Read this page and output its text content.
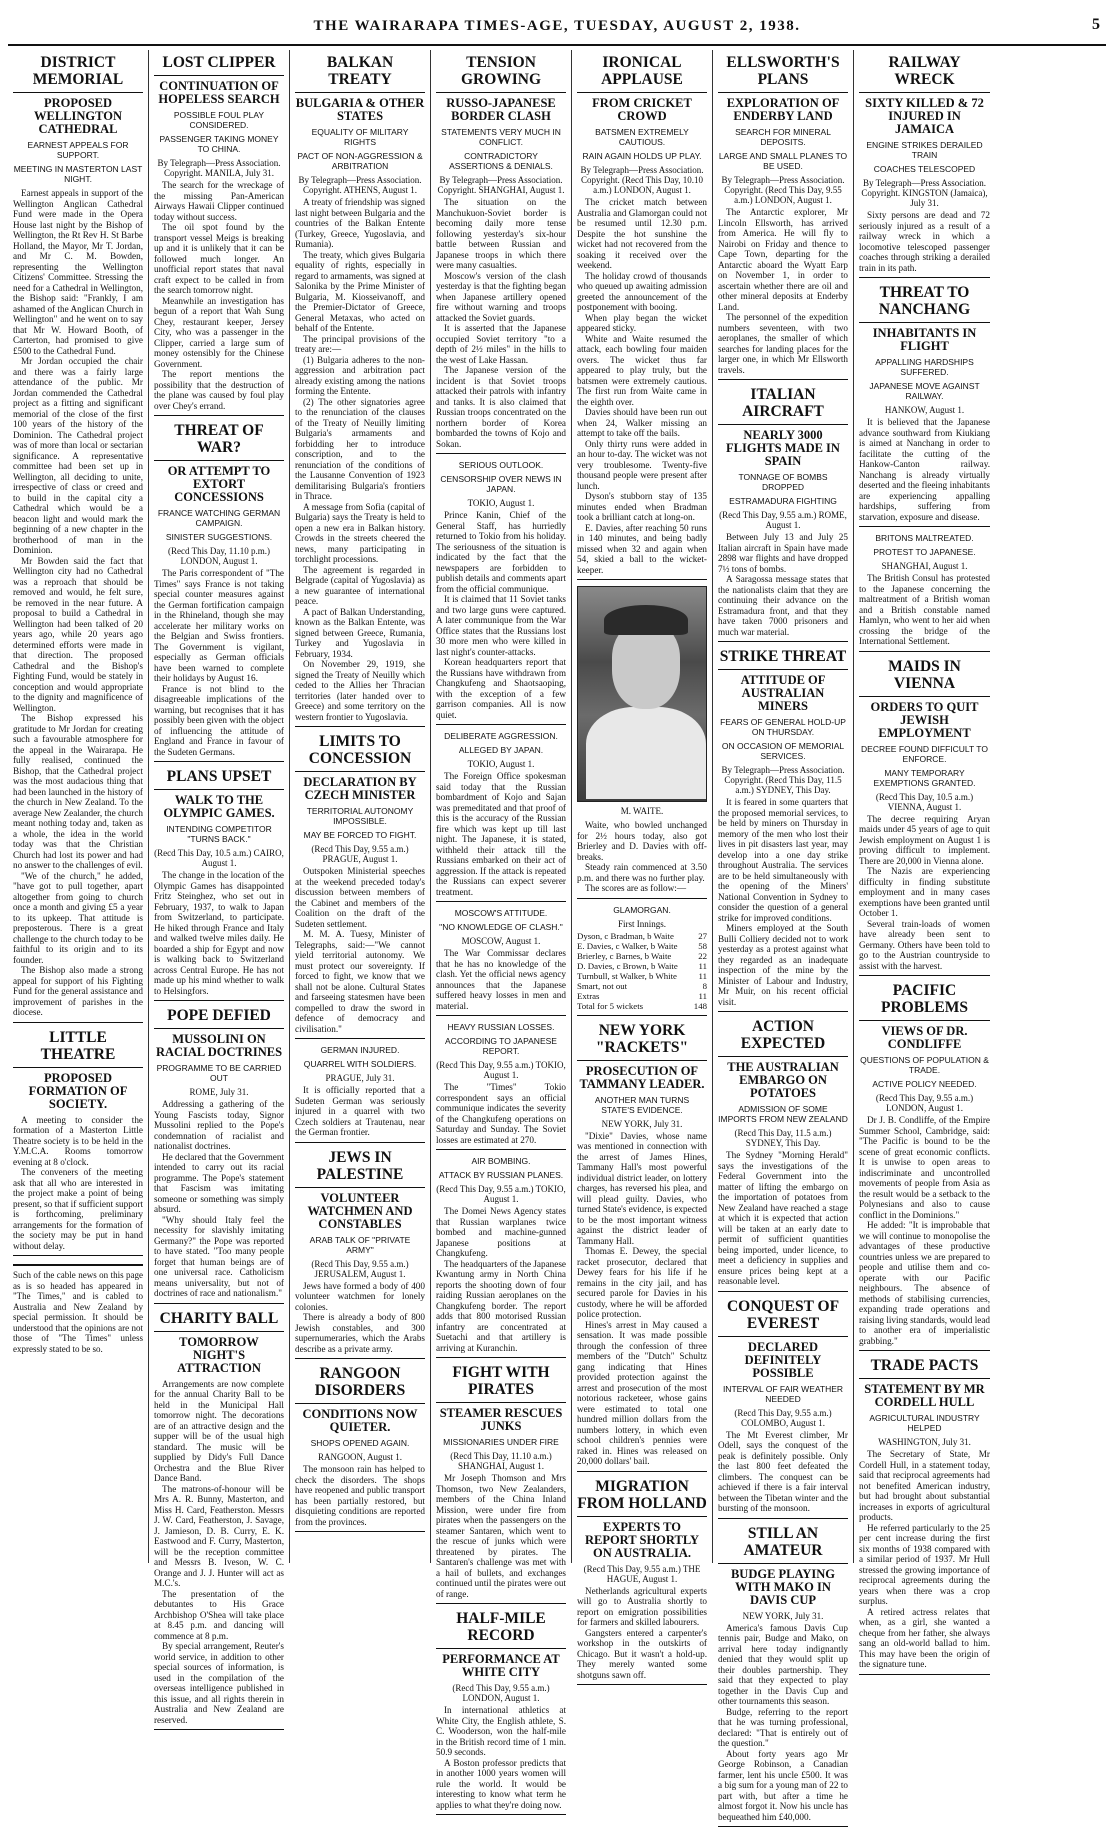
THE WAIRARAPA TIMES-AGE, TUESDAY, AUGUST 2, 1938.	5
DISTRICT MEMORIAL
PROPOSED WELLINGTON CATHEDRAL
EARNEST APPEALS FOR SUPPORT.
MEETING IN MASTERTON LAST NIGHT.

Earnest appeals in support of the Wellington Anglican Cathedral Fund were made in the Opera House last night by the Bishop of Wellington, the Rt Rev H. St Barbe Holland, the Mayor, Mr T. Jordan, and Mr C. M. Bowden, representing the Wellington Citizens' Committee. Stressing the need for a Cathedral in Wellington, the Bishop said: "Frankly, I am ashamed of the Anglican Church in Wellington" and he went on to say that Mr W. Howard Booth, of Carterton, had promised to give £500 to the Cathedral Fund.

Mr Jordan occupied the chair and there was a fairly large attendance of the public. Mr Jordan commended the Cathedral project as a fitting and significant memorial of the close of the first 100 years of the history of the Dominion. The Cathedral project was of more than local or sectarian significance. A representative committee had been set up in Wellington, all deciding to unite, irrespective of class or creed and to build in the capital city a Cathedral which would be a beacon light and would mark the beginning of a new chapter in the brotherhood of man in the Dominion.

Mr Bowden said the fact that Wellington city had no Cathedral was a reproach that should be removed and would, he felt sure, be removed in the near future. A proposal to build a Cathedral in Wellington had been talked of 20 years ago, while 20 years ago determined efforts were made in that direction. The proposed Cathedral and the Bishop's Fighting Fund, would be stately in conception and would appropriate to the dignity and magnificence of Wellington.

The Bishop expressed his gratitude to Mr Jordan for creating such a favourable atmosphere for the appeal in the Wairarapa. He fully realised, continued the Bishop, that the Cathedral project was the most audacious thing that had been launched in the history of the church in New Zealand. To the average New Zealander, the church meant nothing today and, taken as a whole, the idea in the world today was that the Christian Church had lost its power and had no answer to the challenges of evil.

"We of the church," he added, "have got to pull together, apart altogether from going to church once a month and giving £5 a year to its upkeep. That attitude is preposterous. There is a great challenge to the church today to be faithful to its origin and to its founder.

The Bishop also made a strong appeal for support of his Fighting Fund for the general assistance and improvement of parishes in the diocese.

LITTLE THEATRE
PROPOSED FORMATION OF SOCIETY.

A meeting to consider the formation of a Masterton Little Theatre society is to be held in the Y.M.C.A. Rooms tomorrow evening at 8 o'clock.

The conveners of the meeting ask that all who are interested in the project make a point of being present, so that if sufficient support is forthcoming, preliminary arrangements for the formation of the society may be put in hand without delay.

Such of the cable news on this page as is so headed has appeared in "The Times," and is cabled to Australia and New Zealand by special permission. It should be understood that the opinions are not those of "The Times" unless expressly stated to be so.
LOST CLIPPER
CONTINUATION OF HOPELESS SEARCH
POSSIBLE FOUL PLAY CONSIDERED.
PASSENGER TAKING MONEY TO CHINA.
By Telegraph—Press Association. Copyright. MANILA, July 31.

The search for the wreckage of the missing Pan-American Airways Hawaii Clipper continued today without success.

The oil spot found by the transport vessel Meigs is breaking up and it is unlikely that it can be followed much longer. An unofficial report states that naval craft expect to be called in from the search tomorrow night.

Meanwhile an investigation has begun of a report that Wah Sung Chey, restaurant keeper, Jersey City, who was a passenger in the Clipper, carried a large sum of money ostensibly for the Chinese Government.

The report mentions the possibility that the destruction of the plane was caused by foul play over Chey's errand.

THREAT OF WAR?
OR ATTEMPT TO EXTORT CONCESSIONS
FRANCE WATCHING GERMAN CAMPAIGN.
SINISTER SUGGESTIONS.
(Recd This Day, 11.10 p.m.) LONDON, August 1.

The Paris correspondent of "The Times" says France is not taking special counter measures against the German fortification campaign in the Rhineland, though she may accelerate her military works on the Belgian and Swiss frontiers. The Government is vigilant, especially as German officials have been warned to complete their holidays by August 16.

France is not blind to the disagreeable implications of the warning, but recognises that it has possibly been given with the object of influencing the attitude of England and France in favour of the Sudeten Germans.

PLANS UPSET
WALK TO THE OLYMPIC GAMES.
INTENDING COMPETITOR "TURNS BACK."
(Recd This Day, 10.5 a.m.) CAIRO, August 1.

The change in the location of the Olympic Games has disappointed Fritz Steinghez, who set out in February, 1937, to walk to Japan from Switzerland, to participate. He hiked through France and Italy and walked twelve miles daily. He boarded a ship for Egypt and now is walking back to Switzerland across Central Europe. He has not made up his mind whether to walk to Helsingfors.

POPE DEFIED
MUSSOLINI ON RACIAL DOCTRINES
PROGRAMME TO BE CARRIED OUT
ROME, July 31.

Addressing a gathering of the Young Fascists today, Signor Mussolini replied to the Pope's condemnation of racialist and nationalist doctrines.

He declared that the Government intended to carry out its racial programme. The Pope's statement that Fascism was imitating someone or something was simply absurd.

"Why should Italy feel the necessity for slavishly imitating Germany?" the Pope was reported to have stated. "Too many people forget that human beings are of one universal race. Catholicism means universality, but not of doctrines of race and nationalism."

CHARITY BALL
TOMORROW NIGHT'S ATTRACTION

Arrangements are now complete for the annual Charity Ball to be held in the Municipal Hall tomorrow night. The decorations are of an attractive design and the supper will be of the usual high standard. The music will be supplied by Didy's Full Dance Orchestra and the Blue River Dance Band.

The matrons-of-honour will be Mrs A. R. Bunny, Masterton, and Miss H. Card, Featherston. Messrs J. W. Card, Featherston, J. Savage, J. Jamieson, D. B. Curry, E. K. Eastwood and F. Curry, Masterton, will be the reception committee and Messrs B. Iveson, W. C. Orange and J. J. Hunter will act as M.C.'s.

The presentation of the debutantes to His Grace Archbishop O'Shea will take place at 8.45 p.m. and dancing will commence at 8 p.m.

By special arrangement, Reuter's world service, in addition to other special sources of information, is used in the compilation of the overseas intelligence published in this issue, and all rights therein in Australia and New Zealand are reserved.

BALKAN TREATY
BULGARIA & OTHER STATES
EQUALITY OF MILITARY RIGHTS
PACT OF NON-AGGRESSION & ARBITRATION
By Telegraph—Press Association. Copyright. ATHENS, August 1.

A treaty of friendship was signed last night between Bulgaria and the countries of the Balkan Entente (Turkey, Greece, Yugoslavia, and Rumania).

The treaty, which gives Bulgaria equality of rights, especially in regard to armaments, was signed at Salonika by the Prime Minister of Bulgaria, M. Kiosseivanoff, and the Premier-Dictator of Greece, General Metaxas, who acted on behalf of the Entente.

The principal provisions of the treaty are:—

(1) Bulgaria adheres to the non-aggression and arbitration pact already existing among the nations forming the Entente.

(2) The other signatories agree to the renunciation of the clauses of the Treaty of Neuilly limiting Bulgaria's armaments and forbidding her to introduce conscription, and to the renunciation of the conditions of the Lausanne Convention of 1923 demilitarising Bulgaria's frontiers in Thrace.

A message from Sofia (capital of Bulgaria) says the Treaty is held to open a new era in Balkan history. Crowds in the streets cheered the news, many participating in torchlight processions.

The agreement is regarded in Belgrade (capital of Yugoslavia) as a new guarantee of international peace.

A pact of Balkan Understanding, known as the Balkan Entente, was signed between Greece, Rumania, Turkey and Yugoslavia in February, 1934.

On November 29, 1919, she signed the Treaty of Neuilly which ceded to the Allies her Thracian territories (later handed over to Greece) and some territory on the western frontier to Yugoslavia.

LIMITS TO CONCESSION
DECLARATION BY CZECH MINISTER
TERRITORIAL AUTONOMY IMPOSSIBLE.
MAY BE FORCED TO FIGHT.
(Recd This Day, 9.55 a.m.) PRAGUE, August 1.

Outspoken Ministerial speeches at the weekend preceded today's discussion between members of the Cabinet and members of the Coalition on the draft of the Sudeten settlement.

M. M. A. Tuesy, Minister of Telegraphs, said:—"We cannot yield territorial autonomy. We must protect our sovereignty. If forced to fight, we know that we shall not be alone. Cultural States and farseeing statesmen have been compelled to draw the sword in defence of democracy and civilisation."

GERMAN INJURED.
QUARREL WITH SOLDIERS.
PRAGUE, July 31.

It is officially reported that a Sudeten German was seriously injured in a quarrel with two Czech soldiers at Trautenau, near the German frontier.

JEWS IN PALESTINE
VOLUNTEER WATCHMEN AND CONSTABLES
ARAB TALK OF "PRIVATE ARMY"
(Recd This Day, 9.55 a.m.) JERUSALEM, August 1.

Jews have formed a body of 400 volunteer watchmen for lonely colonies.

There is already a body of 800 Jewish constables, and 300 supernumeraries, which the Arabs describe as a private army.

RANGOON DISORDERS
CONDITIONS NOW QUIETER.
SHOPS OPENED AGAIN.
RANGOON, August 1.

The monsoon rain has helped to check the disorders. The shops have reopened and public transport has been partially restored, but disquieting conditions are reported from the provinces.

TENSION GROWING
RUSSO-JAPANESE BORDER CLASH
STATEMENTS VERY MUCH IN CONFLICT.
CONTRADICTORY ASSERTIONS & DENIALS.
By Telegraph—Press Association. Copyright. SHANGHAI, August 1.

The situation on the Manchukuon-Soviet border is becoming daily more tense following yesterday's six-hour battle between Russian and Japanese troops in which there were many casualties.

Moscow's version of the clash yesterday is that the fighting began when Japanese artillery opened fire without warning and troops attacked the Soviet guards.

It is asserted that the Japanese occupied Soviet territory "to a depth of 2½ miles" in the hills to the west of Lake Hassan.

The Japanese version of the incident is that Soviet troops attacked their patrols with infantry and tanks. It is also claimed that Russian troops concentrated on the northern border of Korea bombarded the towns of Kojo and Sokan.

SERIOUS OUTLOOK.
CENSORSHIP OVER NEWS IN JAPAN.
TOKIO, August 1.

Prince Kanin, Chief of the General Staff, has hurriedly returned to Tokio from his holiday. The seriousness of the situation is indicated by the fact that the newspapers are forbidden to publish details and comments apart from the official communique.

It is claimed that 11 Soviet tanks and two large guns were captured. A later communique from the War Office states that the Russians lost 30 more men who were killed in last night's counter-attacks.

Korean headquarters report that the Russians have withdrawn from Changkufeng and Shaotsaoping, with the exception of a few garrison companies. All is now quiet.

DELIBERATE AGGRESSION.
ALLEGED BY JAPAN.
TOKIO, August 1.

The Foreign Office spokesman said today that the Russian bombardment of Kojo and Sajan was premeditated and that proof of this is the accuracy of the Russian fire which was kept up till last night. The Japanese, it is stated, withheld their attack till the Russians embarked on their act of aggression. If the attack is repeated the Russians can expect severer treatment.

MOSCOW'S ATTITUDE.
"NO KNOWLEDGE OF CLASH."
MOSCOW, August 1.

The War Commissar declares that he has no knowledge of the clash. Yet the official news agency announces that the Japanese suffered heavy losses in men and material.

HEAVY RUSSIAN LOSSES.
ACCORDING TO JAPANESE REPORT.
(Recd This Day, 9.55 a.m.) TOKIO, August 1.

The "Times" Tokio correspondent says an official communique indicates the severity of the Changkufeng operations on Saturday and Sunday. The Soviet losses are estimated at 270.

AIR BOMBING.
ATTACK BY RUSSIAN PLANES.
(Recd This Day, 9.55 a.m.) TOKIO, August 1.

The Domei News Agency states that Russian warplanes twice bombed and machine-gunned Japanese positions at Changkufeng.

The headquarters of the Japanese Kwantung army in North China reports the shooting down of four raiding Russian aeroplanes on the Changkufeng border. The report adds that 800 motorised Russian infantry are concentrated at Suetachi and that artillery is arriving at Kuranchin.

FIGHT WITH PIRATES
STEAMER RESCUES JUNKS
MISSIONARIES UNDER FIRE
(Recd This Day, 11.10 a.m.) SHANGHAI, August 1.

Mr Joseph Thomson and Mrs Thomson, two New Zealanders, members of the China Inland Mission, were under fire from pirates when the passengers on the steamer Santaren, which went to the rescue of junks which were threatened by pirates. The Santaren's challenge was met with a hail of bullets, and exchanges continued until the pirates were out of range.

HALF-MILE RECORD
PERFORMANCE AT WHITE CITY
(Recd This Day, 9.55 a.m.) LONDON, August 1.

In international athletics at White City, the English athlete, S. C. Wooderson, won the half-mile in the British record time of 1 min. 50.9 seconds.

A Boston professor predicts that in another 1000 years women will rule the world. It would be interesting to know what term he applies to what they're doing now.

IRONICAL APPLAUSE
FROM CRICKET CROWD
BATSMEN EXTREMELY CAUTIOUS.
RAIN AGAIN HOLDS UP PLAY.
By Telegraph—Press Association. Copyright. (Recd This Day, 10.10 a.m.) LONDON, August 1.

The cricket match between Australia and Glamorgan could not be resumed until 12.30 p.m. Despite the hot sunshine the wicket had not recovered from the soaking it received over the weekend.

The holiday crowd of thousands who queued up awaiting admission greeted the announcement of the postponement with booing.

When play began the wicket appeared sticky.

White and Waite resumed the attack, each bowling four maiden overs. The wicket thus far appeared to play truly, but the batsmen were extremely cautious. The first run from Waite came in the eighth over.

Davies should have been run out when 24, Walker missing an attempt to take off the bails.

Only thirty runs were added in an hour to-day. The wicket was not very troublesome. Twenty-five thousand people were present after lunch.

Dyson's stubborn stay of 135 minutes ended when Bradman took a brilliant catch at long-on.

E. Davies, after reaching 50 runs in 140 minutes, and being badly missed when 32 and again when 54, skied a ball to the wicket-keeper.

M. WAITE.

Waite, who bowled unchanged for 2½ hours today, also got Brierley and D. Davies with off-breaks.

Steady rain commenced at 3.50 p.m. and there was no further play.

The scores are as follow:—

GLAMORGAN.
First Innings.
Dyson, c Bradman, b Waite	27
E. Davies, c Walker, b Waite	58
Brierley, c Barnes, b Waite	22
D. Davies, c Brown, b Waite	11
Turnbull, st Walker, b White	11
Smart, not out	8
Extras	11
Total for 5 wickets	148
NEW YORK "RACKETS"
PROSECUTION OF TAMMANY LEADER.
ANOTHER MAN TURNS STATE'S EVIDENCE.
NEW YORK, July 31.

"Dixie" Davies, whose name was mentioned in connection with the arrest of James Hines, Tammany Hall's most powerful individual district leader, on lottery charges, has reversed his plea, and will plead guilty. Davies, who turned State's evidence, is expected to be the most important witness against the district leader of Tammany Hall.

Thomas E. Dewey, the special racket prosecutor, declared that Dewey fears for his life if he remains in the city jail, and has secured parole for Davies in his custody, where he will be afforded police protection.

Hines's arrest in May caused a sensation. It was made possible through the confession of three members of the "Dutch" Schultz gang indicating that Hines provided protection against the arrest and prosecution of the most notorious racketeer, whose gains were estimated to total one hundred million dollars from the numbers lottery, in which even school children's pennies were raked in. Hines was released on 20,000 dollars' bail.

MIGRATION FROM HOLLAND
EXPERTS TO REPORT SHORTLY ON AUSTRALIA.
(Recd This Day, 9.55 a.m.) THE HAGUE, August 1.

Netherlands agricultural experts will go to Australia shortly to report on emigration possibilities for farmers and skilled labourers.

Gangsters entered a carpenter's workshop in the outskirts of Chicago. But it wasn't a hold-up. They merely wanted some shotguns sawn off.

ELLSWORTH'S PLANS
EXPLORATION OF ENDERBY LAND
SEARCH FOR MINERAL DEPOSITS.
LARGE AND SMALL PLANES TO BE USED.
By Telegraph—Press Association. Copyright. (Recd This Day, 9.55 a.m.) LONDON, August 1.

The Antarctic explorer, Mr Lincoln Ellsworth, has arrived from America. He will fly to Nairobi on Friday and thence to Cape Town, departing for the Antarctic aboard the Wyatt Earp on November 1, in order to ascertain whether there are oil and other mineral deposits at Enderby Land.

The personnel of the expedition numbers seventeen, with two aeroplanes, the smaller of which searches for landing places for the larger one, in which Mr Ellsworth travels.

ITALIAN AIRCRAFT
NEARLY 3000 FLIGHTS MADE IN SPAIN
TONNAGE OF BOMBS DROPPED
ESTRAMADURA FIGHTING
(Recd This Day, 9.55 a.m.) ROME, August 1.

Between July 13 and July 25 Italian aircraft in Spain have made 2898 war flights and have dropped 7½ tons of bombs.

A Saragossa message states that the nationalists claim that they are continuing their advance on the Estramadura front, and that they have taken 7000 prisoners and much war material.

STRIKE THREAT
ATTITUDE OF AUSTRALIAN MINERS
FEARS OF GENERAL HOLD-UP ON THURSDAY.
ON OCCASION OF MEMORIAL SERVICES.
By Telegraph—Press Association. Copyright. (Recd This Day, 11.5 a.m.) SYDNEY, This Day.

It is feared in some quarters that the proposed memorial services, to be held by miners on Thursday in memory of the men who lost their lives in pit disasters last year, may develop into a one day strike throughout Australia. The services are to be held simultaneously with the opening of the Miners' National Convention in Sydney to consider the question of a general strike for improved conditions.

Miners employed at the South Bulli Colliery decided not to work yesterday as a protest against what they regarded as an inadequate inspection of the mine by the Minister of Labour and Industry, Mr Muir, on his recent official visit.

ACTION EXPECTED
THE AUSTRALIAN EMBARGO ON POTATOES
ADMISSION OF SOME IMPORTS FROM NEW ZEALAND
(Recd This Day, 11.5 a.m.) SYDNEY, This Day.

The Sydney "Morning Herald" says the investigations of the Federal Government into the matter of lifting the embargo on the importation of potatoes from New Zealand have reached a stage at which it is expected that action will be taken at an early date to permit of sufficient quantities being imported, under licence, to meet a deficiency in supplies and ensure prices being kept at a reasonable level.

CONQUEST OF EVEREST
DECLARED DEFINITELY POSSIBLE
INTERVAL OF FAIR WEATHER NEEDED
(Recd This Day, 9.55 a.m.) COLOMBO, August 1.

The Mt Everest climber, Mr Odell, says the conquest of the peak is definitely possible. Only the last 800 feet defeated the climbers. The conquest can be achieved if there is a fair interval between the Tibetan winter and the bursting of the monsoon.

STILL AN AMATEUR
BUDGE PLAYING WITH MAKO IN DAVIS CUP
NEW YORK, July 31.

America's famous Davis Cup tennis pair, Budge and Mako, on arrival here today indignantly denied that they would split up their doubles partnership. They said that they expected to play together in the Davis Cup and other tournaments this season.

Budge, referring to the report that he was turning professional, declared: "That is entirely out of the question."

About forty years ago Mr George Robinson, a Canadian farmer, lent his uncle £500. It was a big sum for a young man of 22 to part with, but after a time he almost forgot it. Now his uncle has bequeathed him £40,000.

RAILWAY WRECK
SIXTY KILLED & 72 INJURED IN JAMAICA
ENGINE STRIKES DERAILED TRAIN
COACHES TELESCOPED
By Telegraph—Press Association. Copyright. KINGSTON (Jamaica), July 31.

Sixty persons are dead and 72 seriously injured as a result of a railway wreck in which a locomotive telescoped passenger coaches through striking a derailed train in its path.

THREAT TO NANCHANG
INHABITANTS IN FLIGHT
APPALLING HARDSHIPS SUFFERED.
JAPANESE MOVE AGAINST RAILWAY.
HANKOW, August 1.

It is believed that the Japanese advance southward from Kiukiang is aimed at Nanchang in order to facilitate the cutting of the Hankow-Canton railway. Nanchang is already virtually deserted and the fleeing inhabitants are experiencing appalling hardships, suffering from starvation, exposure and disease.

BRITONS MALTREATED.
PROTEST TO JAPANESE.
SHANGHAI, August 1.

The British Consul has protested to the Japanese concerning the maltreatment of a British woman and a British constable named Hamlyn, who went to her aid when crossing the bridge of the International Settlement.

MAIDS IN VIENNA
ORDERS TO QUIT JEWISH EMPLOYMENT
DECREE FOUND DIFFICULT TO ENFORCE.
MANY TEMPORARY EXEMPTIONS GRANTED.
(Recd This Day, 10.5 a.m.) VIENNA, August 1.

The decree requiring Aryan maids under 45 years of age to quit Jewish employment on August 1 is proving difficult to implement. There are 20,000 in Vienna alone.

The Nazis are experiencing difficulty in finding substitute employment and in many cases exemptions have been granted until October 1.

Several train-loads of women have already been sent to Germany. Others have been told to go to the Austrian countryside to assist with the harvest.

PACIFIC PROBLEMS
VIEWS OF DR. CONDLIFFE
QUESTIONS OF POPULATION & TRADE.
ACTIVE POLICY NEEDED.
(Recd This Day, 9.55 a.m.) LONDON, August 1.

Dr J. B. Condliffe, of the Empire Summer School, Cambridge, said: "The Pacific is bound to be the scene of great economic conflicts. It is unwise to open areas to indiscriminate and uncontrolled movements of people from Asia as the result would be a setback to the Polynesians and also to cause conflict in the Dominions."

He added: "It is improbable that we will continue to monopolise the advantages of these productive countries unless we are prepared to people and utilise them and co-operate with our Pacific neighbours. The absence of methods of stabilising currencies, expanding trade operations and raising living standards, would lead to another era of imperialistic grabbing."

TRADE PACTS
STATEMENT BY MR CORDELL HULL
AGRICULTURAL INDUSTRY HELPED
WASHINGTON, July 31.

The Secretary of State, Mr Cordell Hull, in a statement today, said that reciprocal agreements had not benefited American industry, but had brought about substantial increases in exports of agricultural products.

He referred particularly to the 25 per cent increase during the first six months of 1938 compared with a similar period of 1937. Mr Hull stressed the growing importance of reciprocal agreements during the years when there was a crop surplus.

A retired actress relates that when, as a girl, she wanted a cheque from her father, she always sang an old-world ballad to him. This may have been the origin of the signature tune.
